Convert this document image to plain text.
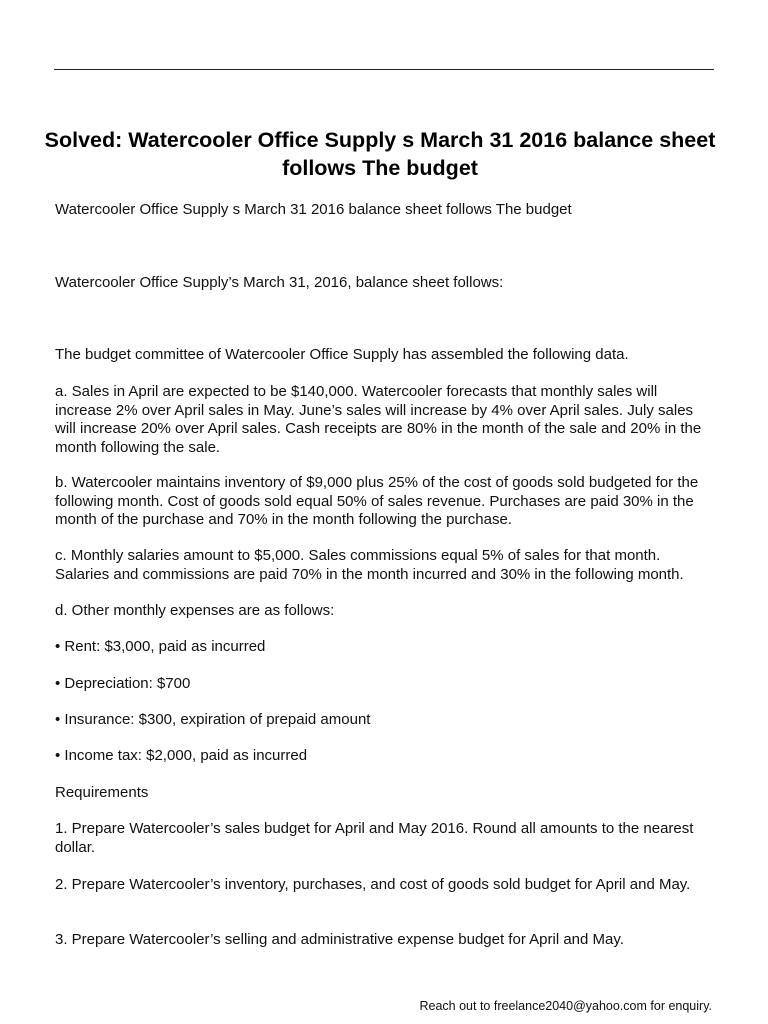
Solved: Watercooler Office Supply s March 31 2016 balance sheet follows The budget

Watercooler Office Supply s March 31 2016 balance sheet follows The budget

Watercooler Office Supply’s March 31, 2016, balance sheet follows:

The budget committee of Watercooler Office Supply has assembled the following data.

a. Sales in April are expected to be $140,000. Watercooler forecasts that monthly sales will increase 2% over April sales in May. June’s sales will increase by 4% over April sales. July sales will increase 20% over April sales. Cash receipts are 80% in the month of the sale and 20% in the month following the sale.

b. Watercooler maintains inventory of $9,000 plus 25% of the cost of goods sold budgeted for the following month. Cost of goods sold equal 50% of sales revenue. Purchases are paid 30% in the month of the purchase and 70% in the month following the purchase.

c. Monthly salaries amount to $5,000. Sales commissions equal 5% of sales for that month. Salaries and commissions are paid 70% in the month incurred and 30% in the following month.

d. Other monthly expenses are as follows:

• Rent: $3,000, paid as incurred

• Depreciation: $700

• Insurance: $300, expiration of prepaid amount

• Income tax: $2,000, paid as incurred

Requirements

1. Prepare Watercooler’s sales budget for April and May 2016. Round all amounts to the nearest dollar.

2. Prepare Watercooler’s inventory, purchases, and cost of goods sold budget for April and May.

3. Prepare Watercooler’s selling and administrative expense budget for April and May.

Reach out to freelance2040@yahoo.com for enquiry.
